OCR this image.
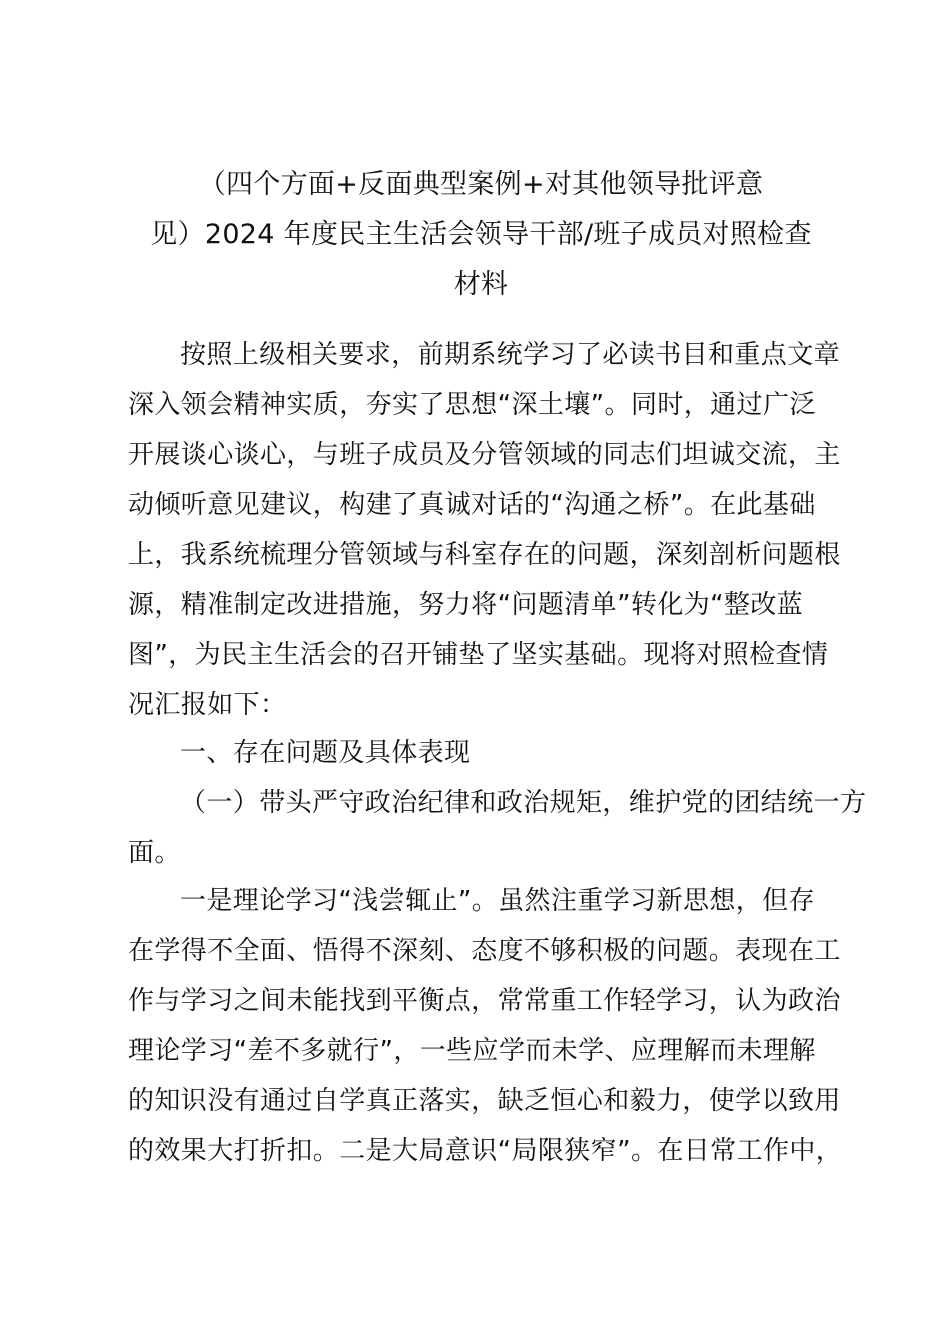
（四个方面+反面典型案例+对其他领导批评意
见）2024 年度民主生活会领导干部/班子成员对照检查
材料
按照上级相关要求，前期系统学习了必读书目和重点文章
深入领会精神实质，夯实了思想“深土壤”。同时，通过广泛
开展谈心谈心，与班子成员及分管领域的同志们坦诚交流，主
动倾听意见建议，构建了真诚对话的“沟通之桥”。在此基础
上，我系统梳理分管领域与科室存在的问题，深刻剖析问题根
源，精准制定改进措施，努力将“问题清单”转化为“整改蓝
图”，为民主生活会的召开铺垫了坚实基础。现将对照检查情
况汇报如下：
一、存在问题及具体表现
（一）带头严守政治纪律和政治规矩，维护党的团结统一方
面。
一是理论学习“浅尝辄止”。虽然注重学习新思想，但存
在学得不全面、悟得不深刻、态度不够积极的问题。表现在工
作与学习之间未能找到平衡点，常常重工作轻学习，认为政治
理论学习“差不多就行”，一些应学而未学、应理解而未理解
的知识没有通过自学真正落实，缺乏恒心和毅力，使学以致用
的效果大打折扣。二是大局意识“局限狭窄”。在日常工作中，
